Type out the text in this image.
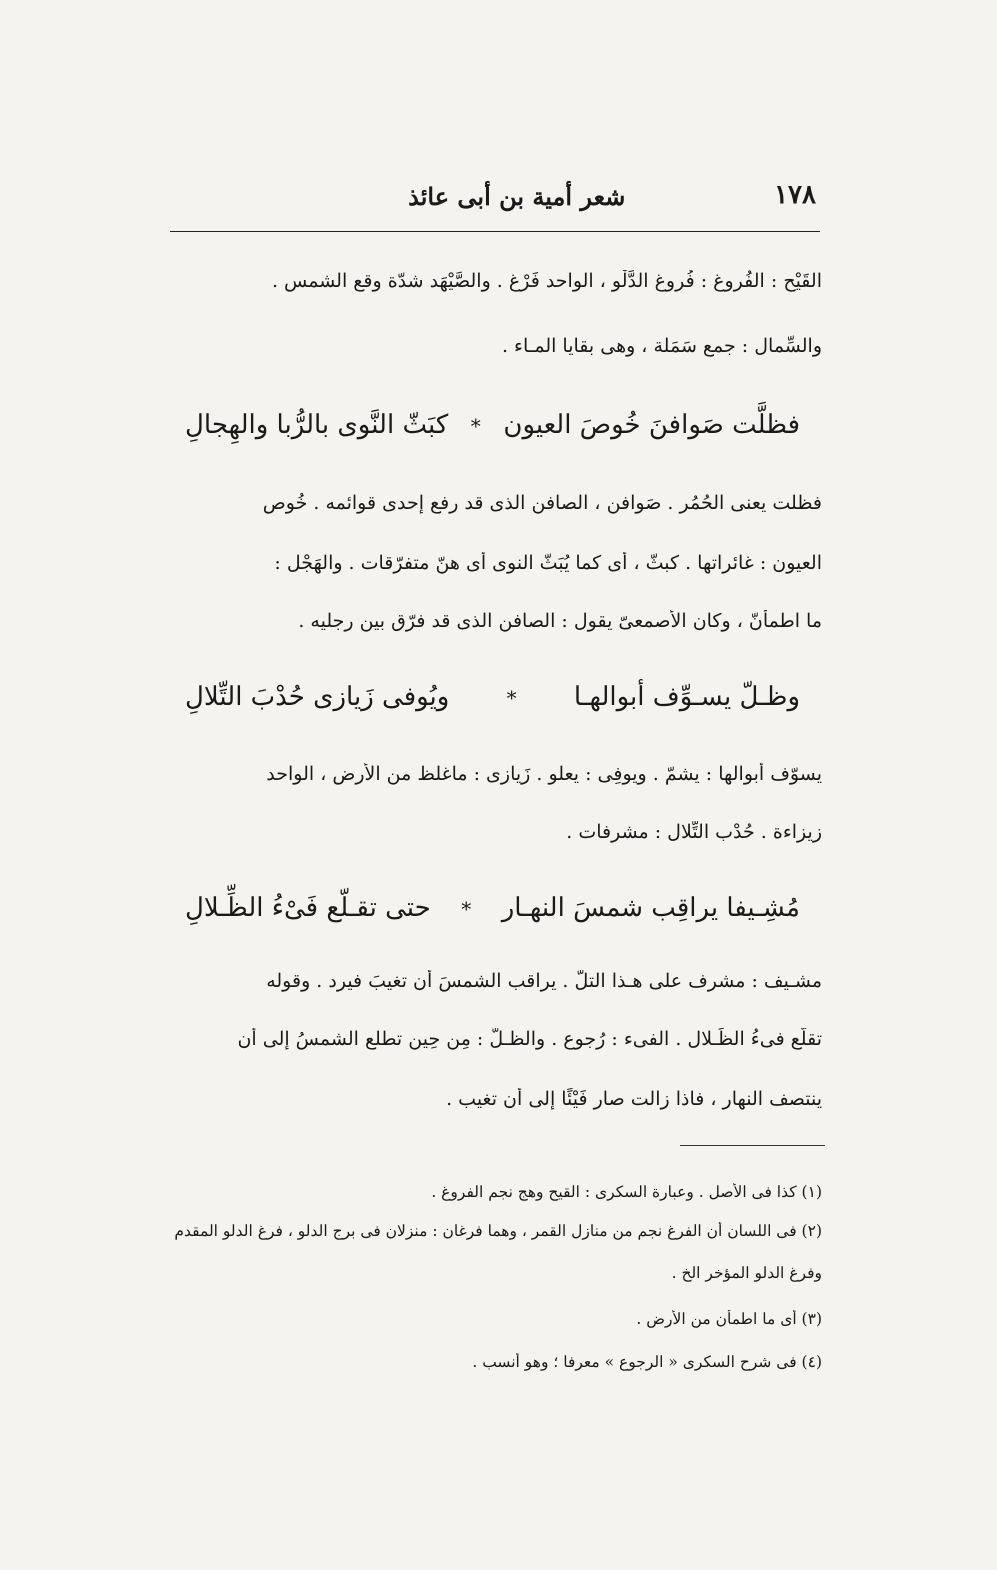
١٧٨
شعر أمية بن أبى عائذ
القَيْح : الفُروغ : فُروغ الدَّلْو ، الواحد فَرْغ . والصَّيْهَد شدّة وقع الشمس .
والسِّمال : جمع سَمَلة ، وهى بقايا المـاء .
فظلَّت صَوافنَ خُوصَ العيون
*
كبَثّ النَّوى بالرُّبا والهِجالِ
فظلت يعنى الحُمُر . صَوافن ، الصافن الذى قد رفع إحدى قوائمه . خُوص
العيون : غائراتها . كبثّ ، أى كما يُبَثّ النوى أى هنّ متفرّقات . والهَجْل :
ما اطمأنّ ، وكان الأصمعىّ يقول : الصافن الذى قد فرّق بين رجليه .
وظـلّ يسـوِّف أبوالهـا
*
ويُوفى زَيازى حُدْبَ التِّلالِ
يسوّف أبوالها : يشمّ . ويوفِى : يعلو . زَيازِى : ماغلظ من الأرض ، الواحد
زِيزاءة . حُدْب التِّلال : مشرفات .
مُشِـيفا يراقِب شمسَ النهـار
*
حتى تقـلّع فَىْءُ الظِّـلالِ
مشـيف : مشرف على هـذا التلّ . يراقب الشمسَ أن تغيبَ فيرِد . وقوله
تقلّع فىءُ الظِّـلال . الفىء : رُجوع . والظـلّ : مِن حِين تطلع الشمسُ إلى أن
ينتصف النهار ، فاذا زالت صار فَيْئًا إلى أن تغيب .
(١) كذا فى الأصل . وعبارة السكرى : القيح وهج نجم الفروغ .
(٢) فى اللسان أن الفرغ نجم من منازل القمر ، وهما فرغان : منزلان فى برج الدلو ، فرغ الدلو المقدم
وفرغ الدلو المؤخر الخ .
(٣) أى ما اطمأن من الأرض .
(٤) فى شرح السكرى « الرجوع » معرفا ؛ وهو أنسب .
